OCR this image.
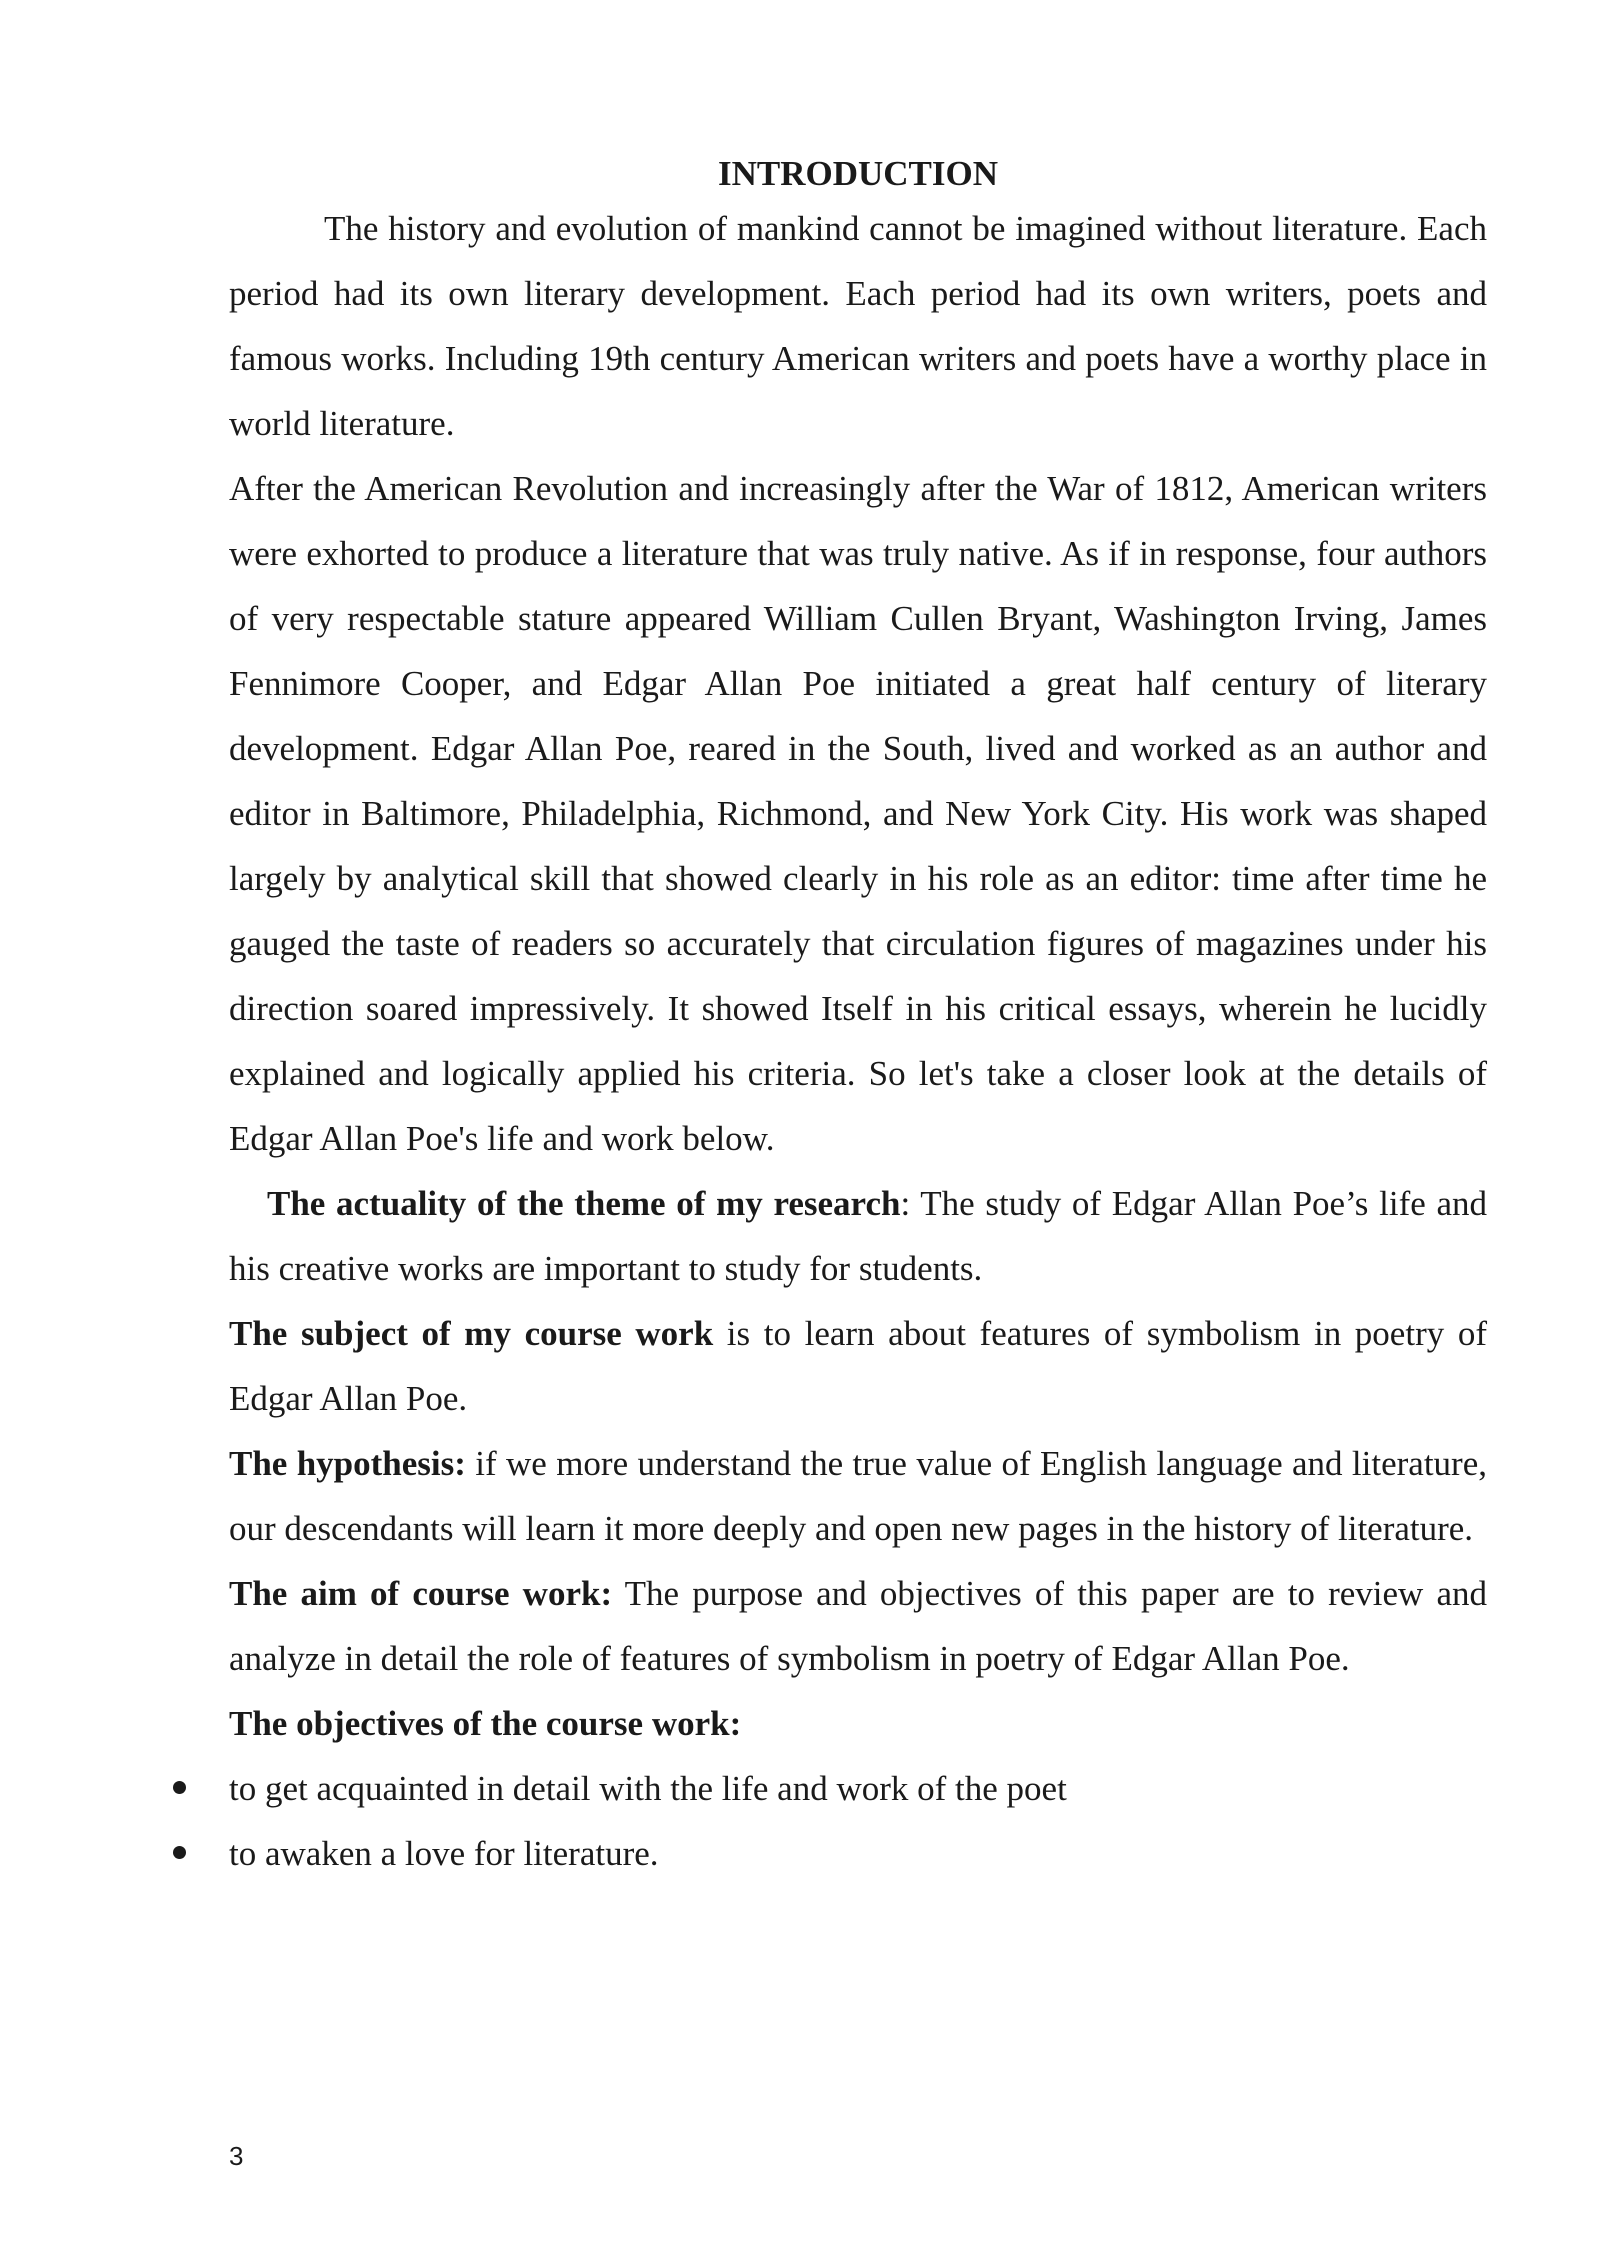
INTRODUCTION

The history and evolution of mankind cannot be imagined without literature. Each period had its own literary development. Each period had its own writers, poets and famous works. Including 19th century American writers and poets have a worthy place in world literature.

After the American Revolution and increasingly after the War of 1812, American writers were exhorted to produce a literature that was truly native. As if in response, four authors of very respectable stature appeared William Cullen Bryant, Washington Irving, James Fennimore Cooper, and Edgar Allan Poe initiated a great half century of literary development. Edgar Allan Poe, reared in the South, lived and worked as an author and editor in Baltimore, Philadelphia, Richmond, and New York City. His work was shaped largely by analytical skill that showed clearly in his role as an editor: time after time he gauged the taste of readers so accurately that circulation figures of magazines under his direction soared impressively. It showed Itself in his critical essays, wherein he lucidly explained and logically applied his criteria. So let's take a closer look at the details of Edgar Allan Poe's life and work below.

The actuality of the theme of my research: The study of Edgar Allan Poe’s life and his creative works are important to study for students.

The subject of my course work is to learn about features of symbolism in poetry of Edgar Allan Poe.

The hypothesis: if we more understand the true value of English language and literature, our descendants will learn it more deeply and open new pages in the history of literature.

The aim of course work: The purpose and objectives of this paper are to review and analyze in detail the role of features of symbolism in poetry of Edgar Allan Poe.

The objectives of the course work:

to get acquainted in detail with the life and work of the poet
to awaken a love for literature.
3
